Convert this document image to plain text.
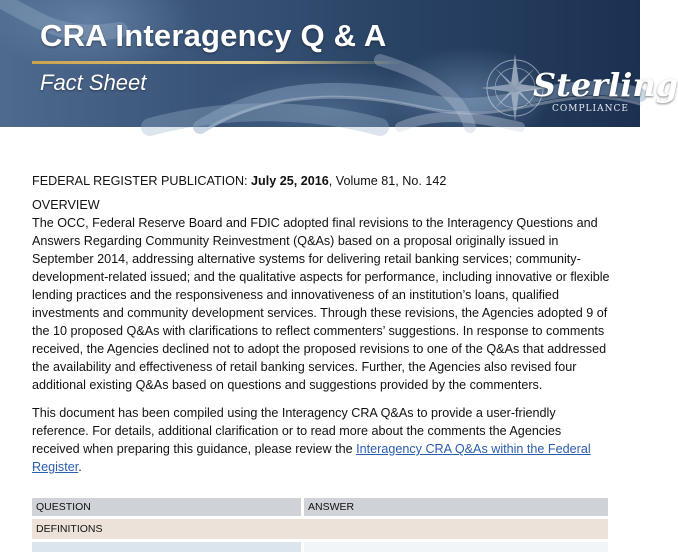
CRA Interagency Q & A
Fact Sheet	Sterling
COMPLIANCE
FEDERAL REGISTER PUBLICATION: July 25, 2016, Volume 81, No. 142
OVERVIEW
The OCC, Federal Reserve Board and FDIC adopted final revisions to the Interagency Questions and Answers Regarding Community Reinvestment (Q&As) based on a proposal originally issued in September 2014, addressing alternative systems for delivering retail banking services; community-development-related issued; and the qualitative aspects for performance, including innovative or flexible lending practices and the responsiveness and innovativeness of an institution’s loans, qualified investments and community development services. Through these revisions, the Agencies adopted 9 of the 10 proposed Q&As with clarifications to reflect commenters’ suggestions. In response to comments received, the Agencies declined not to adopt the proposed revisions to one of the Q&As that addressed the availability and effectiveness of retail banking services. Further, the Agencies also revised four additional existing Q&As based on questions and suggestions provided by the commenters.
This document has been compiled using the Interagency CRA Q&As to provide a user-friendly reference. For details, additional clarification or to read more about the comments the Agencies received when preparing this guidance, please review the Interagency CRA Q&As within the Federal Register.
QUESTION	ANSWER
DEFINITIONS
